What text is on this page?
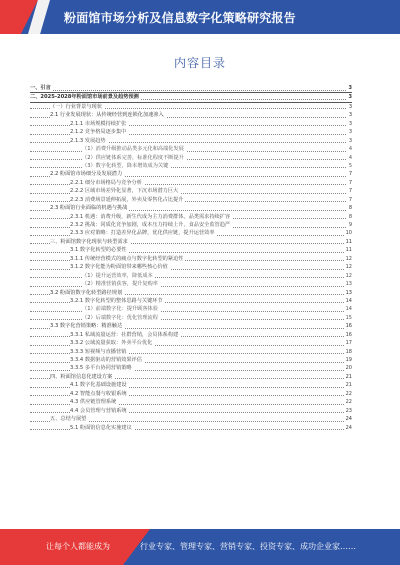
粉面馆市场分析及信息数字化策略研究报告
内容目录
一、引言	3
二、2025-2028年粉面馆市场前景及趋势预测	3
（一）行业背景与现状	3
2.1 行业发展现状：从传统经营到连锁化加速渗入	3
2.1.1 市场规模持续扩张	3
2.1.2 竞争格局逐步集中	3
2.1.3 发展趋势	3
（1）消费升级推动品类多元化和高端化发展	4
（2）供应链体系完善，标准化程度不断提升	4
（3）数字化转型，降本增效成为关键	5
2.2 粉面馆市场细分及发展潜力	7
2.2.1 细分市场格局与竞争分析	7
2.2.2 区域市场差异化显著，下沉市场潜力巨大	7
2.2.3 消费场景延伸拓展，外卖及零售化占比提升	7
2.3 粉面馆行业面临的机遇与挑战	8
2.3.1 机遇：消费升级，新生代成为主力消费群体，品类需求持续扩容	8
2.3.2 挑战：同质化竞争加剧，成本压力持续上升，食品安全监管趋严	9
2.3.3 应对策略：打造差异化品牌，优化供应链，提升运营效率	10
三、粉面馆数字化现状与转型需求	11
3.1 数字化转型的必要性	11
3.1.1 传统经营模式的痛点与数字化转型的紧迫性	12
3.1.2 数字化能为粉面馆带来哪些核心价值	12
（1）提升运营效率，降低成本	12
（2）精准营销获客，提升复购率	13
3.2 粉面馆数字化转型路径规划	13
3.2.1 数字化转型的整体思路与关键环节	14
（1）前端数字化：提升顾客体验	14
（2）后端数字化：优化管理流程	15
3.3 数字化营销策略：精准触达	16
3.3.1 私域流量运营：社群营销，会员体系构建	16
3.3.2 公域流量获取：外卖平台优化	17
3.3.3 短视频与直播营销	18
3.3.4 数据驱动的营销效果评估	19
3.3.5 多平台协同营销策略	20
四、粉面馆信息化建设方案	21
4.1 数字化基础设施建设	21
4.2 智能点餐与收银系统	22
4.3 供应链管理系统	22
4.4 会员管理与营销系统	23
五、总结与展望	24
5.1 粉面馆信息化实施建议	24
让每个人都能成为	行业专家、管理专家、营销专家、投资专家、成功企业家……
